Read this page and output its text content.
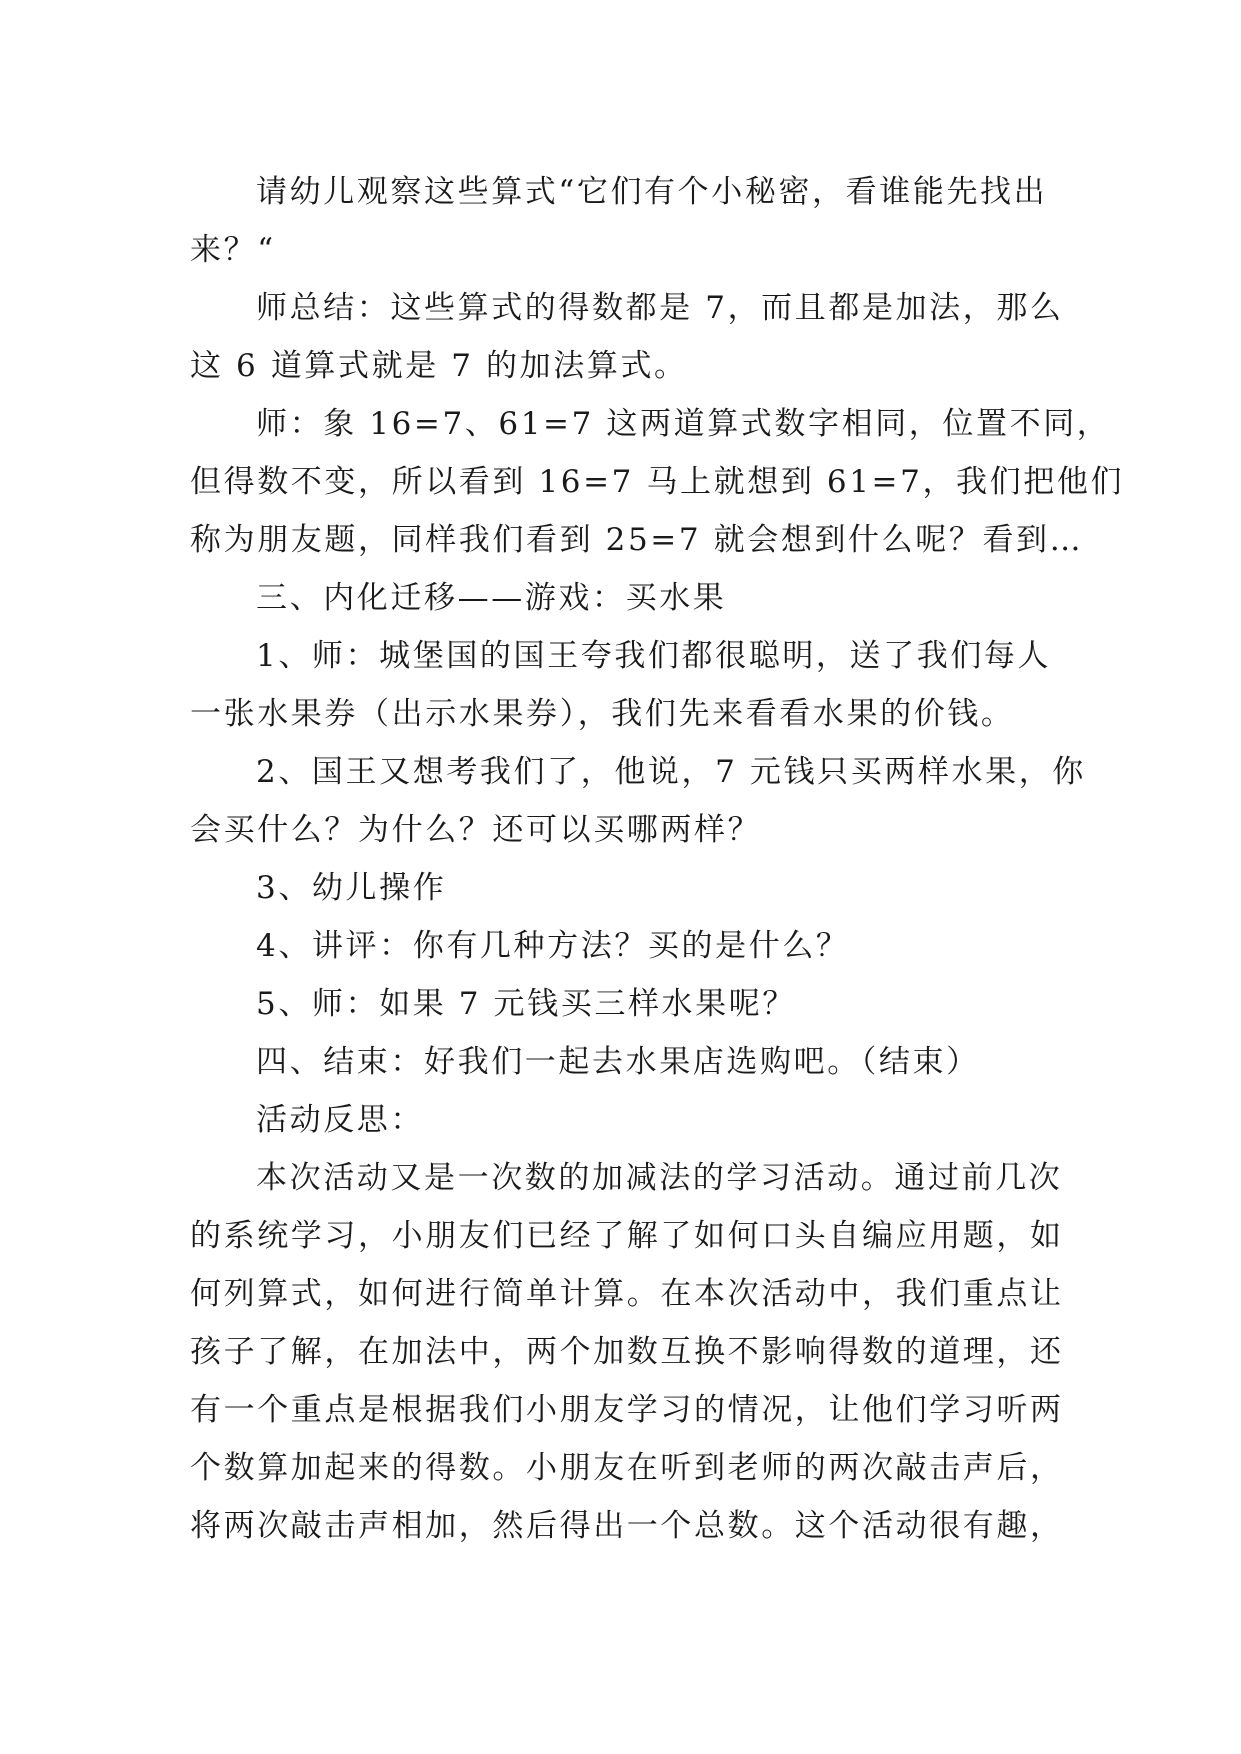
请幼儿观察这些算式“它们有个小秘密，看谁能先找出
来？“
师总结：这些算式的得数都是 7，而且都是加法，那么
这 6 道算式就是 7 的加法算式。
师：象 16=7、61=7 这两道算式数字相同，位置不同，
但得数不变，所以看到 16=7 马上就想到 61=7，我们把他们
称为朋友题，同样我们看到 25=7 就会想到什么呢？看到…
三、内化迁移——游戏：买水果
1、师：城堡国的国王夸我们都很聪明，送了我们每人
一张水果券（出示水果券），我们先来看看水果的价钱。
2、国王又想考我们了，他说，7 元钱只买两样水果，你
会买什么？为什么？还可以买哪两样？
3、幼儿操作
4、讲评：你有几种方法？买的是什么？
5、师：如果 7 元钱买三样水果呢？
四、结束：好我们一起去水果店选购吧。（结束）
活动反思：
本次活动又是一次数的加减法的学习活动。通过前几次
的系统学习，小朋友们已经了解了如何口头自编应用题，如
何列算式，如何进行简单计算。在本次活动中，我们重点让
孩子了解，在加法中，两个加数互换不影响得数的道理，还
有一个重点是根据我们小朋友学习的情况，让他们学习听两
个数算加起来的得数。小朋友在听到老师的两次敲击声后，
将两次敲击声相加，然后得出一个总数。这个活动很有趣，
